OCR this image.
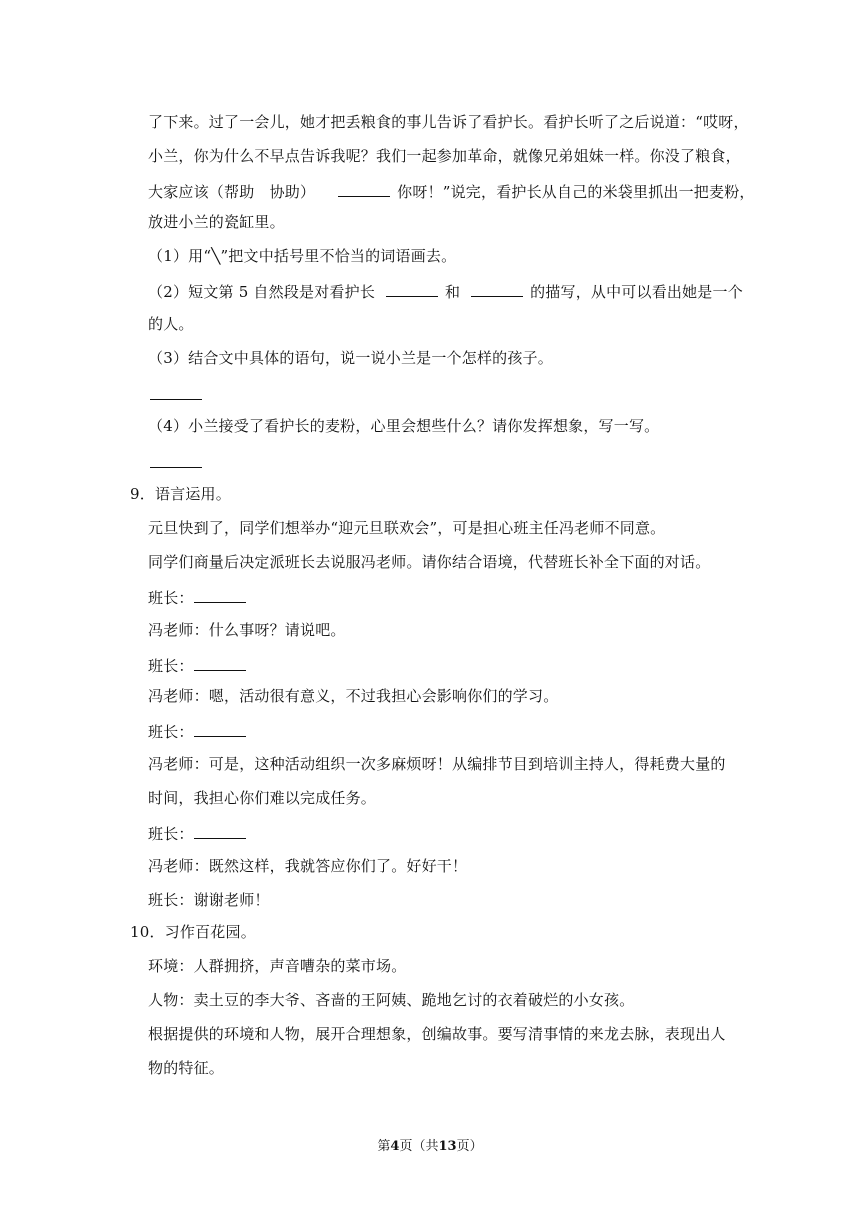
了下来。过了一会儿，她才把丢粮食的事儿告诉了看护长。看护长听了之后说道：“哎呀，
小兰，你为什么不早点告诉我呢？我们一起参加革命，就像兄弟姐妹一样。你没了粮食，
大家应该（帮助　协助）	你呀！”说完，看护长从自己的米袋里抓出一把麦粉，
放进小兰的瓷缸里。
（1）用“╲”把文中括号里不恰当的词语画去。
（2）短文第 5 自然段是对看护长	和	的描写，从中可以看出她是一个
的人。
（3）结合文中具体的语句，说一说小兰是一个怎样的孩子。
（4）小兰接受了看护长的麦粉，心里会想些什么？请你发挥想象，写一写。
9．语言运用。
元旦快到了，同学们想举办“迎元旦联欢会”，可是担心班主任冯老师不同意。
同学们商量后决定派班长去说服冯老师。请你结合语境，代替班长补全下面的对话。
班长：
冯老师：什么事呀？请说吧。
班长：
冯老师：嗯，活动很有意义，不过我担心会影响你们的学习。
班长：
冯老师：可是，这种活动组织一次多麻烦呀！从编排节目到培训主持人，得耗费大量的
时间，我担心你们难以完成任务。
班长：
冯老师：既然这样，我就答应你们了。好好干！
班长：谢谢老师！
10．习作百花园。
环境：人群拥挤，声音嘈杂的菜市场。
人物：卖土豆的李大爷、吝啬的王阿姨、跪地乞讨的衣着破烂的小女孩。
根据提供的环境和人物，展开合理想象，创编故事。要写清事情的来龙去脉，表现出人
物的特征。
第4页（共13页）
